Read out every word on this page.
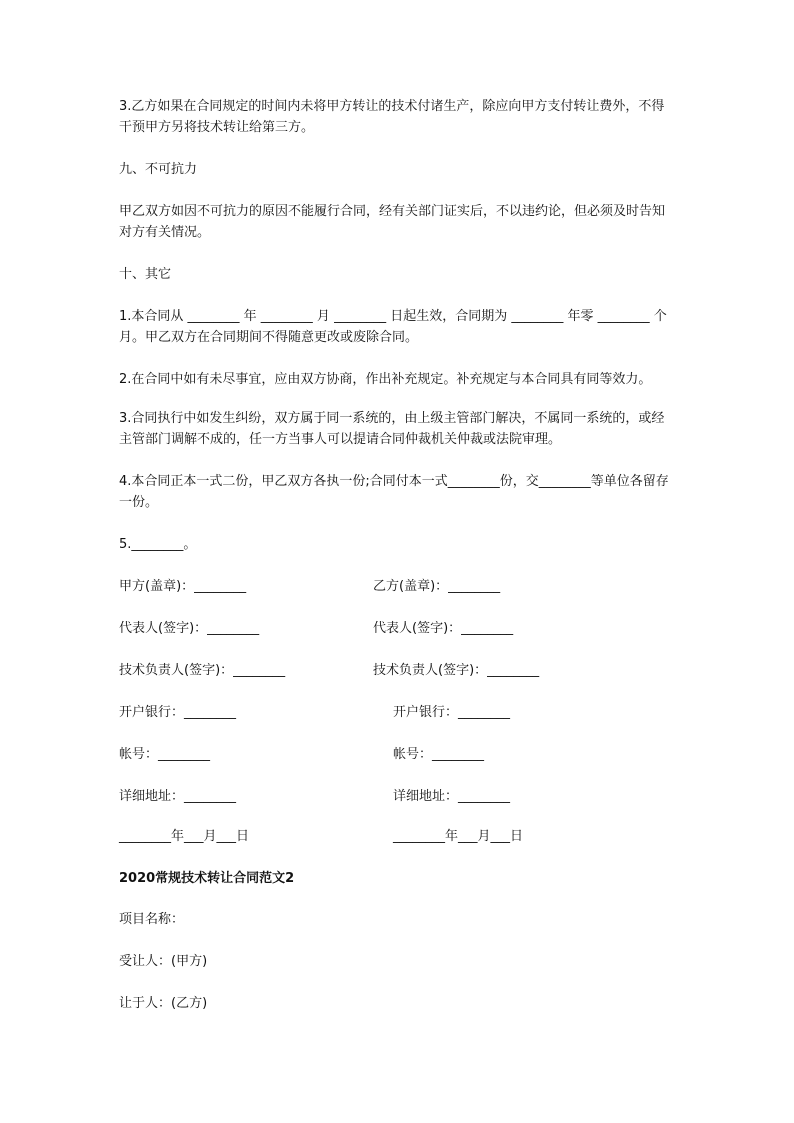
3.乙方如果在合同规定的时间内未将甲方转让的技术付诸生产，除应向甲方支付转让费外，不得干预甲方另将技术转让给第三方。

九、不可抗力

甲乙双方如因不可抗力的原因不能履行合同，经有关部门证实后，不以违约论，但必须及时告知对方有关情况。

十、其它

1.本合同从 ________ 年 ________ 月 ________ 日起生效，合同期为 ________ 年零 ________ 个月。甲乙双方在合同期间不得随意更改或废除合同。

2.在合同中如有未尽事宜，应由双方协商，作出补充规定。补充规定与本合同具有同等效力。

3.合同执行中如发生纠纷，双方属于同一系统的，由上级主管部门解决，不属同一系统的，或经主管部门调解不成的，任一方当事人可以提请合同仲裁机关仲裁或法院审理。

4.本合同正本一式二份，甲乙双方各执一份;合同付本一式________份，交________等单位各留存一份。

5.________。
甲方(盖章)：________	乙方(盖章)：________
代表人(签字)：________	代表人(签字)：________
技术负责人(签字)：________	技术负责人(签字)：________
开户银行：________	开户银行：________
帐号：________	帐号：________
详细地址：________	详细地址：________
________年___月___日	________年___月___日
2020常规技术转让合同范文2
项目名称：
受让人：(甲方)
让于人：(乙方)
